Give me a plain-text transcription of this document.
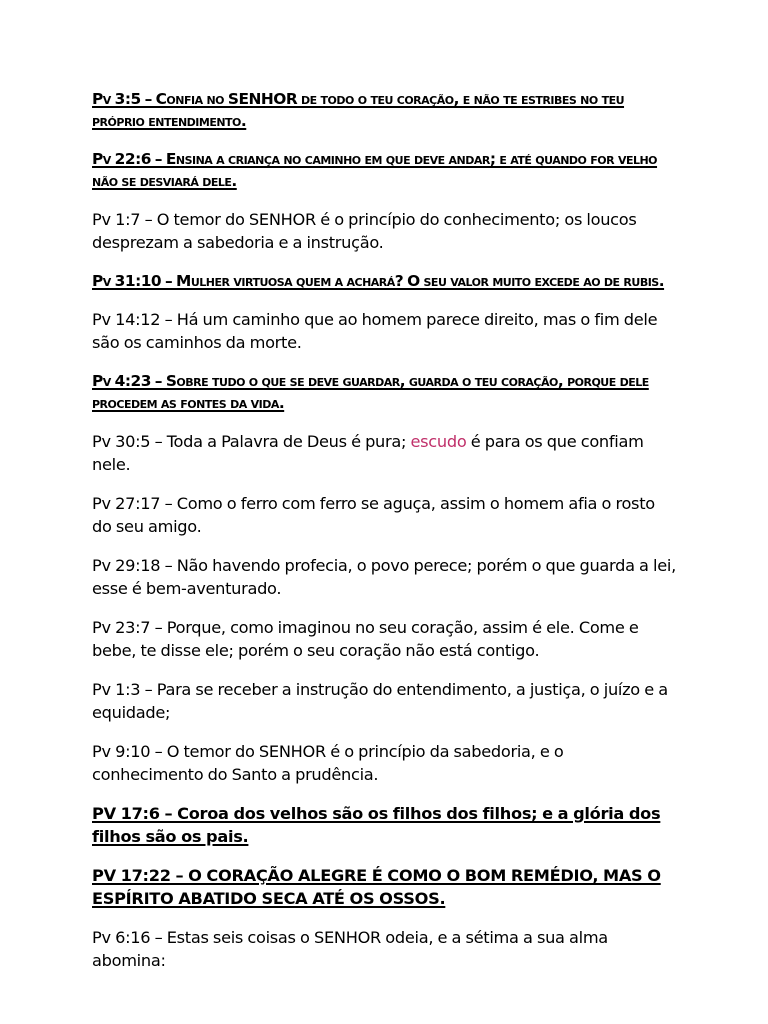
Pv 3:5 – Confia no SENHOR de todo o teu coração, e não te estribes no teu próprio entendimento.

Pv 22:6 – Ensina a criança no caminho em que deve andar; e até quando for velho não se desviará dele.

Pv 1:7 – O temor do SENHOR é o princípio do conhecimento; os loucos desprezam a sabedoria e a instrução.

Pv 31:10 – Mulher virtuosa quem a achará? O seu valor muito excede ao de rubis.

Pv 14:12 – Há um caminho que ao homem parece direito, mas o fim dele são os caminhos da morte.

Pv 4:23 – Sobre tudo o que se deve guardar, guarda o teu coração, porque dele procedem as fontes da vida.

Pv 30:5 – Toda a Palavra de Deus é pura; escudo é para os que confiam nele.

Pv 27:17 – Como o ferro com ferro se aguça, assim o homem afia o rosto do seu amigo.

Pv 29:18 – Não havendo profecia, o povo perece; porém o que guarda a lei, esse é bem-aventurado.

Pv 23:7 – Porque, como imaginou no seu coração, assim é ele. Come e bebe, te disse ele; porém o seu coração não está contigo.

Pv 1:3 – Para se receber a instrução do entendimento, a justiça, o juízo e a equidade;

Pv 9:10 – O temor do SENHOR é o princípio da sabedoria, e o conhecimento do Santo a prudência.

PV 17:6 – Coroa dos velhos são os filhos dos filhos; e a glória dos filhos são os pais.

PV 17:22 – O CORAÇÃO ALEGRE É COMO O BOM REMÉDIO, MAS O ESPÍRITO ABATIDO SECA ATÉ OS OSSOS.

Pv 6:16 – Estas seis coisas o SENHOR odeia, e a sétima a sua alma abomina:
